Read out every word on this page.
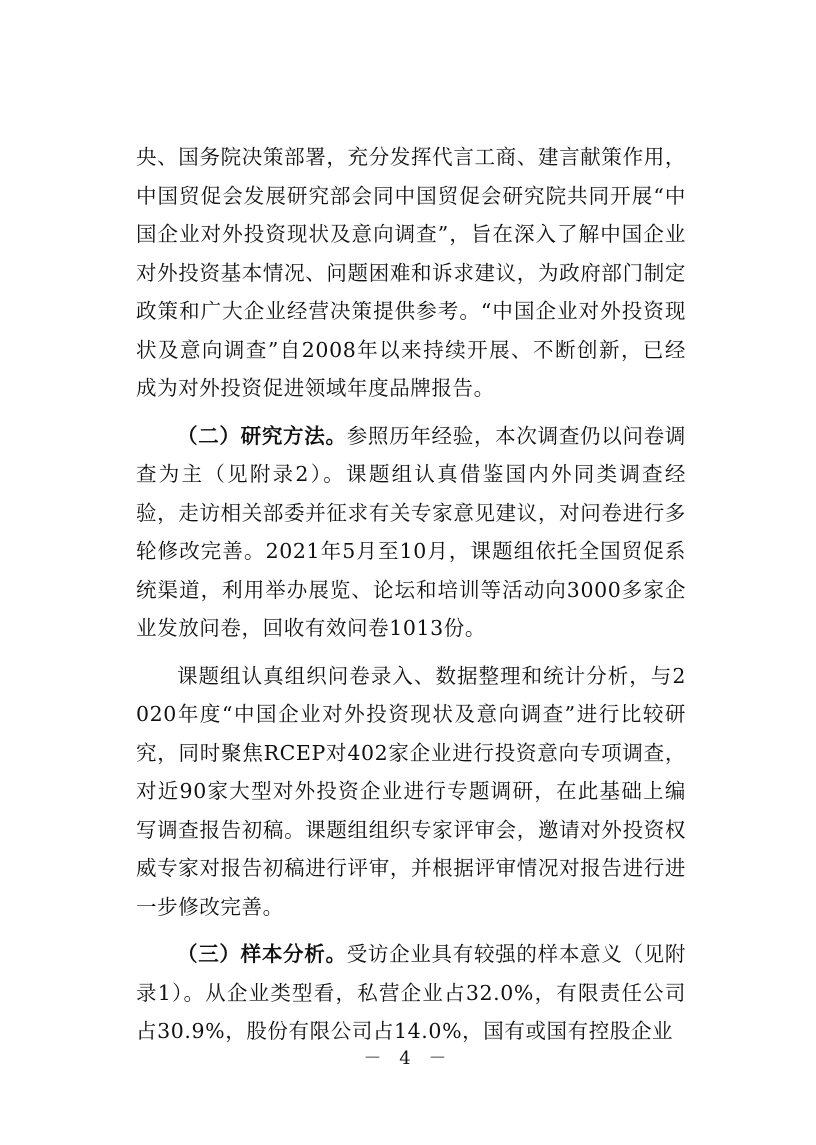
央、国务院决策部署，充分发挥代言工商、建言献策作用，中国贸促会发展研究部会同中国贸促会研究院共同开展“中国企业对外投资现状及意向调查”，旨在深入了解中国企业对外投资基本情况、问题困难和诉求建议，为政府部门制定政策和广大企业经营决策提供参考。“中国企业对外投资现状及意向调查”自2008年以来持续开展、不断创新，已经成为对外投资促进领域年度品牌报告。

（二）研究方法。参照历年经验，本次调查仍以问卷调查为主（见附录2）。课题组认真借鉴国内外同类调查经验，走访相关部委并征求有关专家意见建议，对问卷进行多轮修改完善。2021年5月至10月，课题组依托全国贸促系统渠道，利用举办展览、论坛和培训等活动向3000多家企业发放问卷，回收有效问卷1013份。

课题组认真组织问卷录入、数据整理和统计分析，与2020年度“中国企业对外投资现状及意向调查”进行比较研究，同时聚焦RCEP对402家企业进行投资意向专项调查，对近90家大型对外投资企业进行专题调研，在此基础上编写调查报告初稿。课题组组织专家评审会，邀请对外投资权威专家对报告初稿进行评审，并根据评审情况对报告进行进一步修改完善。

（三）样本分析。受访企业具有较强的样本意义（见附录1）。从企业类型看，私营企业占32.0%，有限责任公司占30.9%，股份有限公司占14.0%，国有或国有控股企业

－ 4 －
